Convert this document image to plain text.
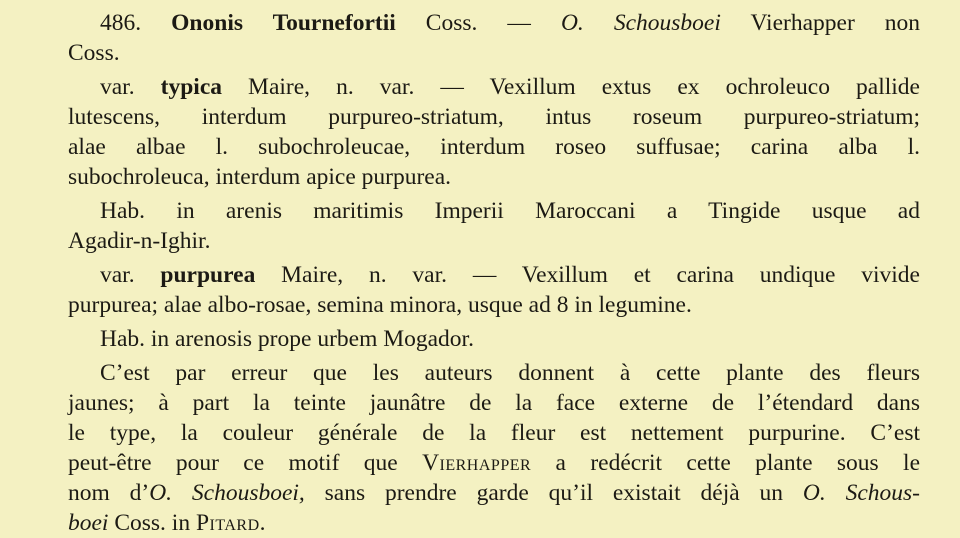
486. Ononis Tournefortii Coss. — O. Schousboei Vierhapper non
Coss.

var. typica Maire, n. var. — Vexillum extus ex ochroleuco pallide
lutescens, interdum purpureo-striatum, intus roseum purpureo-striatum;
alae albae l. subochroleucae, interdum roseo suffusae; carina alba l.
subochroleuca, interdum apice purpurea.

Hab. in arenis maritimis Imperii Maroccani a Tingide usque ad
Agadir-n-Ighir.

var. purpurea Maire, n. var. — Vexillum et carina undique vivide
purpurea; alae albo-rosae, semina minora, usque ad 8 in legumine.

Hab. in arenosis prope urbem Mogador.

C’est par erreur que les auteurs donnent à cette plante des fleurs
jaunes; à part la teinte jaunâtre de la face externe de l’étendard dans
le type, la couleur générale de la fleur est nettement purpurine. C’est
peut-être pour ce motif que Vierhapper a redécrit cette plante sous le
nom d’O. Schousboei, sans prendre garde qu’il existait déjà un O. Schous-
boei Coss. in Pitard.
